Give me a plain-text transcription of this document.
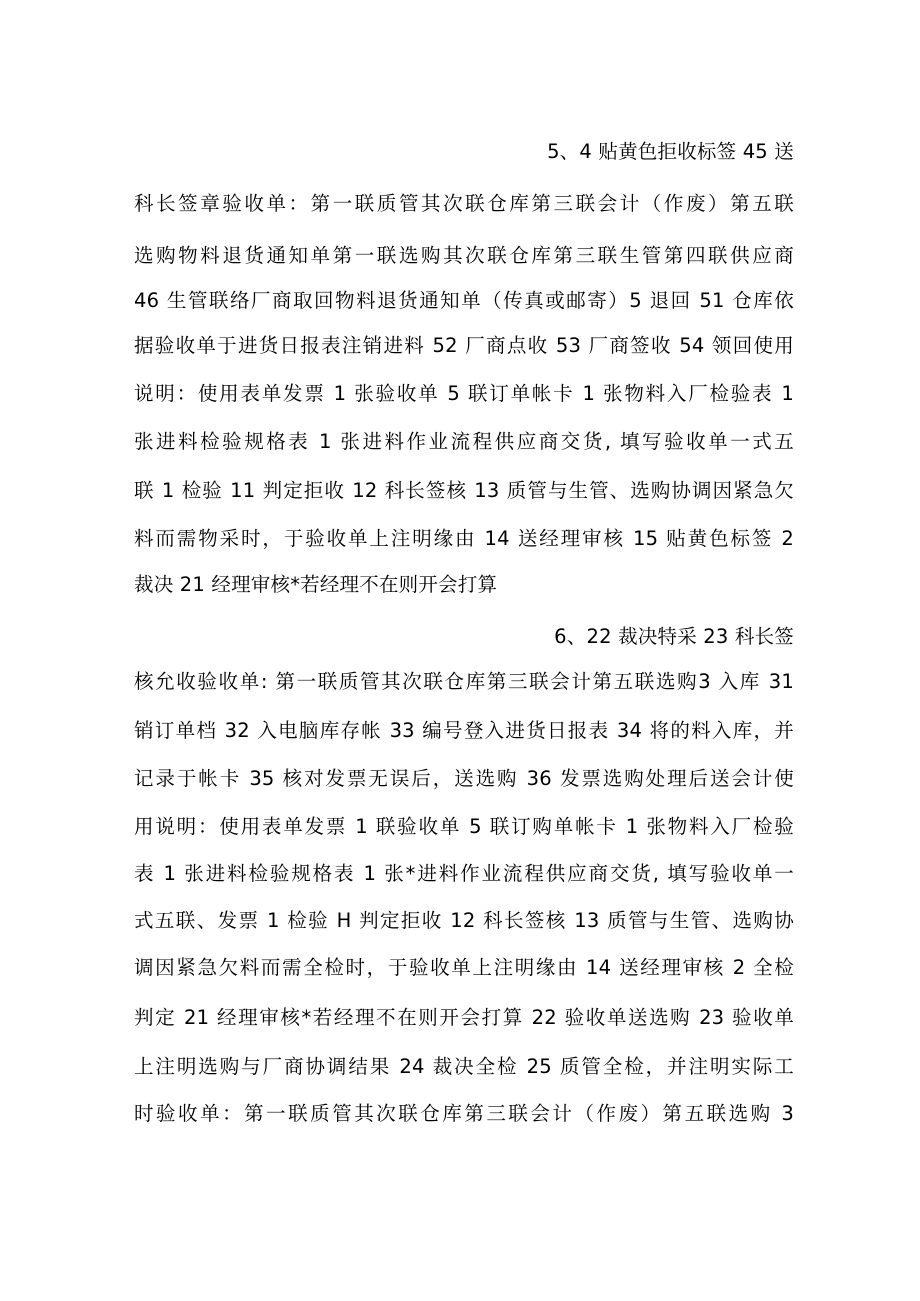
5、4 贴黄色拒收标签 45 送
科长签章验收单：第一联质管其次联仓库第三联会计（作废）第五联
选购物料退货通知单第一联选购其次联仓库第三联生管第四联供应商
46 生管联络厂商取回物料退货通知单（传真或邮寄）5 退回 51 仓库依
据验收单于进货日报表注销进料 52 厂商点收 53 厂商签收 54 领回使用
说明：使用表单发票 1 张验收单 5 联订单帐卡 1 张物料入厂检验表 1
张进料检验规格表 1 张进料作业流程供应商交货, 填写验收单一式五
联 1 检验 11 判定拒收 12 科长签核 13 质管与生管、选购协调因紧急欠
料而需物采时，于验收单上注明缘由 14 送经理审核 15 贴黄色标签 2
裁决 21 经理审核*若经理不在则开会打算
6、22 裁决特采 23 科长签
核允收验收单: 第一联质管其次联仓库第三联会计第五联选购3 入库 31
销订单档 32 入电脑库存帐 33 编号登入进货日报表 34 将的料入库，并
记录于帐卡 35 核对发票无误后，送选购 36 发票选购处理后送会计使
用说明：使用表单发票 1 联验收单 5 联订购单帐卡 1 张物料入厂检验
表 1 张进料检验规格表 1 张*进料作业流程供应商交货, 填写验收单一
式五联、发票 1 检验 H 判定拒收 12 科长签核 13 质管与生管、选购协
调因紧急欠料而需全检时，于验收单上注明缘由 14 送经理审核 2 全检
判定 21 经理审核*若经理不在则开会打算 22 验收单送选购 23 验收单
上注明选购与厂商协调结果 24 裁决全检 25 质管全检，并注明实际工
时验收单：第一联质管其次联仓库第三联会计（作废）第五联选购 3
